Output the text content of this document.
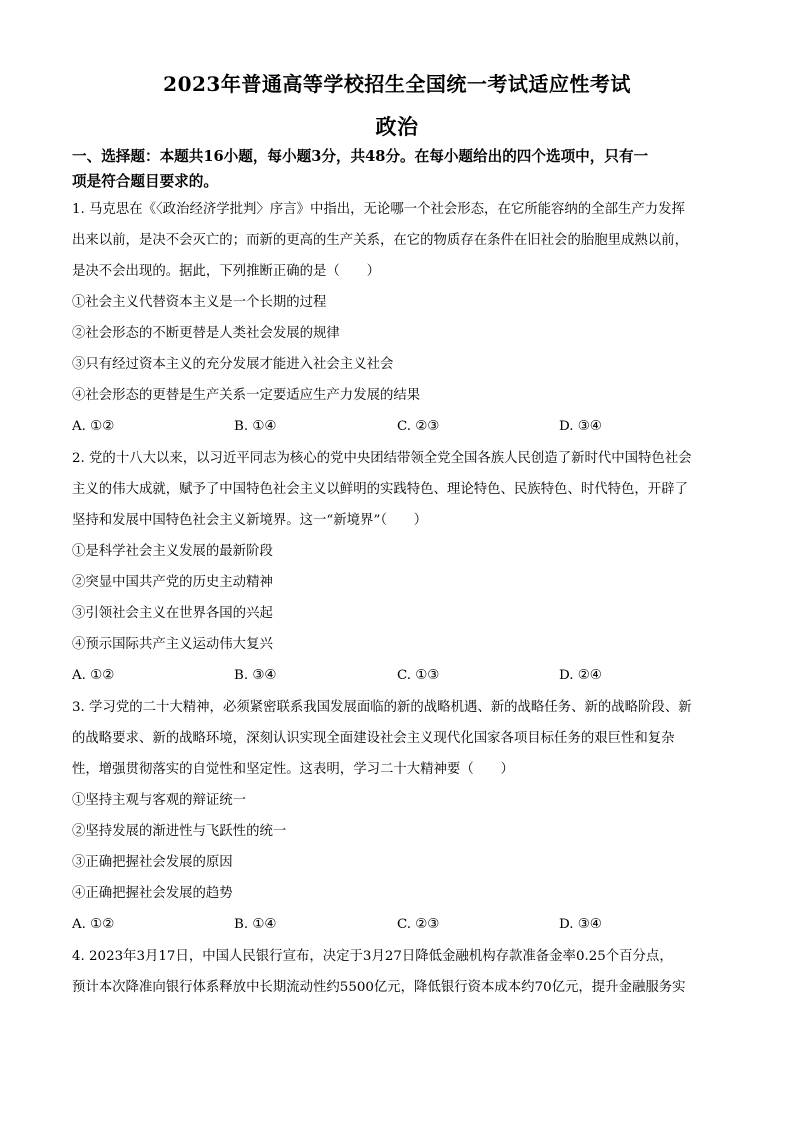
2023年普通高等学校招生全国统一考试适应性考试
政治
一、选择题：本题共16小题，每小题3分，共48分。在每小题给出的四个选项中，只有一
项是符合题目要求的。
1. 马克思在《〈政治经济学批判〉序言》中指出，无论哪一个社会形态，在它所能容纳的全部生产力发挥
出来以前，是决不会灭亡的；而新的更高的生产关系，在它的物质存在条件在旧社会的胎胞里成熟以前，
是决不会出现的。据此，下列推断正确的是（　　）
①社会主义代替资本主义是一个长期的过程
②社会形态的不断更替是人类社会发展的规律
③只有经过资本主义的充分发展才能进入社会主义社会
④社会形态的更替是生产关系一定要适应生产力发展的结果
A. ①②	B. ①④	C. ②③	D. ③④
2. 党的十八大以来，以习近平同志为核心的党中央团结带领全党全国各族人民创造了新时代中国特色社会
主义的伟大成就，赋予了中国特色社会主义以鲜明的实践特色、理论特色、民族特色、时代特色，开辟了
坚持和发展中国特色社会主义新境界。这一“新境界”（　　）
①是科学社会主义发展的最新阶段
②突显中国共产党的历史主动精神
③引领社会主义在世界各国的兴起
④预示国际共产主义运动伟大复兴
A. ①②	B. ③④	C. ①③	D. ②④
3. 学习党的二十大精神，必须紧密联系我国发展面临的新的战略机遇、新的战略任务、新的战略阶段、新
的战略要求、新的战略环境，深刻认识实现全面建设社会主义现代化国家各项目标任务的艰巨性和复杂
性，增强贯彻落实的自觉性和坚定性。这表明，学习二十大精神要（　　）
①坚持主观与客观的辩证统一
②坚持发展的渐进性与飞跃性的统一
③正确把握社会发展的原因
④正确把握社会发展的趋势
A. ①②	B. ①④	C. ②③	D. ③④
4. 2023年3月17日，中国人民银行宣布，决定于3月27日降低金融机构存款准备金率0.25个百分点，
预计本次降准向银行体系释放中长期流动性约5500亿元，降低银行资本成本约70亿元，提升金融服务实
